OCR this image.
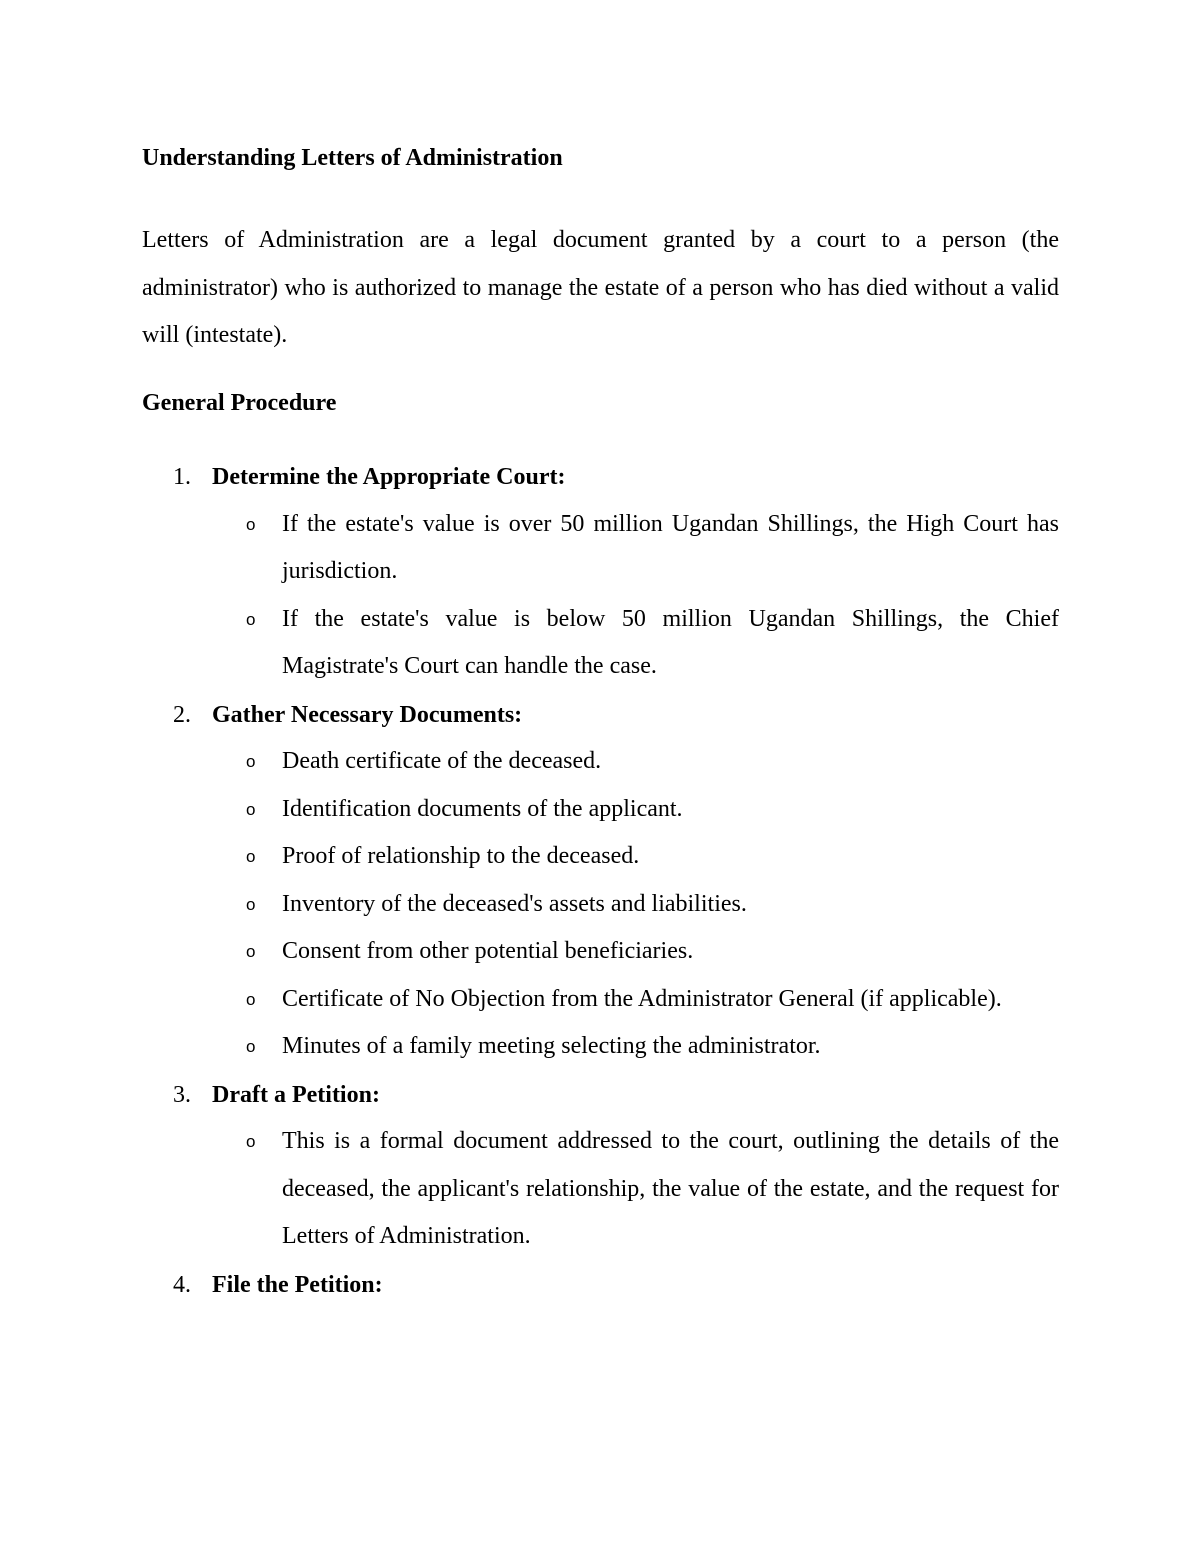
Understanding Letters of Administration

Letters of Administration are a legal document granted by a court to a person (the administrator) who is authorized to manage the estate of a person who has died without a valid will (intestate).

General Procedure
1. Determine the Appropriate Court:
o If the estate's value is over 50 million Ugandan Shillings, the High Court has jurisdiction.
o If the estate's value is below 50 million Ugandan Shillings, the Chief Magistrate's Court can handle the case.
2. Gather Necessary Documents:
o Death certificate of the deceased.
o Identification documents of the applicant.
o Proof of relationship to the deceased.
o Inventory of the deceased's assets and liabilities.
o Consent from other potential beneficiaries.
o Certificate of No Objection from the Administrator General (if applicable).
o Minutes of a family meeting selecting the administrator.
3. Draft a Petition:
o This is a formal document addressed to the court, outlining the details of the deceased, the applicant's relationship, the value of the estate, and the request for Letters of Administration.
4. File the Petition:
